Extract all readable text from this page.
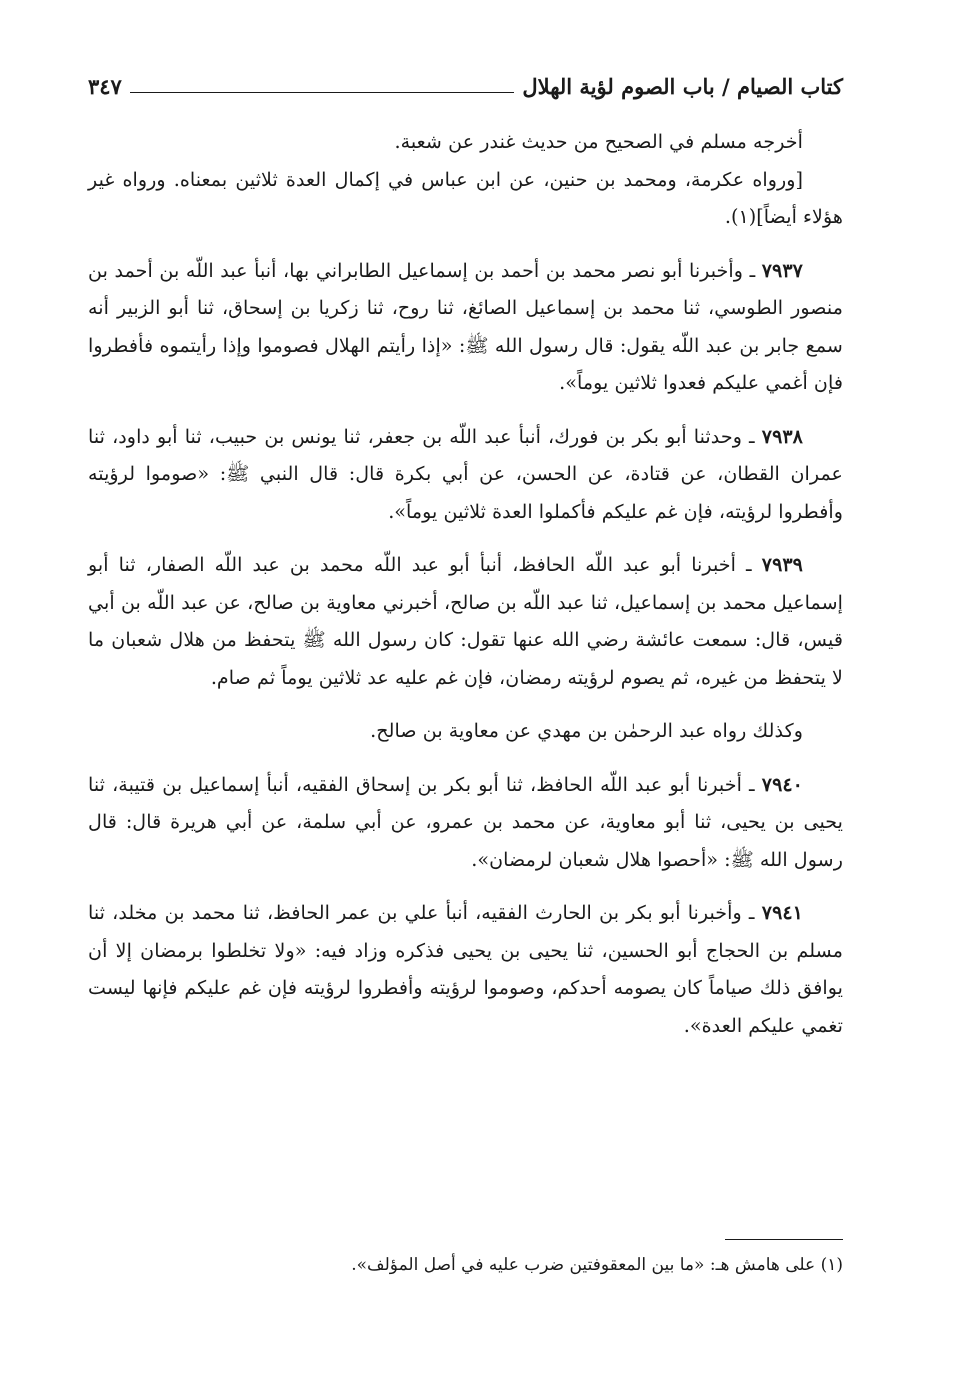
كتاب الصيام / باب الصوم لؤية الهلال
٣٤٧

أخرجه مسلم في الصحيح من حديث غندر عن شعبة.

[ورواه عكرمة، ومحمد بن حنين، عن ابن عباس في إكمال العدة ثلاثين بمعناه. ورواه غير هؤلاء أيضاً](١).

٧٩٣٧ ـ وأخبرنا أبو نصر محمد بن أحمد بن إسماعيل الطابراني بها، أنبأ عبد اللّه بن أحمد بن منصور الطوسي، ثنا محمد بن إسماعيل الصائغ، ثنا روح، ثنا زكريا بن إسحاق، ثنا أبو الزبير أنه سمع جابر بن عبد اللّه يقول: قال رسول الله ﷺ: «إذا رأيتم الهلال فصوموا وإذا رأيتموه فأفطروا فإن أغمي عليكم فعدوا ثلاثين يوماً».

٧٩٣٨ ـ وحدثنا أبو بكر بن فورك، أنبأ عبد اللّه بن جعفر، ثنا يونس بن حبيب، ثنا أبو داود، ثنا عمران القطان، عن قتادة، عن الحسن، عن أبي بكرة قال: قال النبي ﷺ: «صوموا لرؤيته وأفطروا لرؤيته، فإن غم عليكم فأكملوا العدة ثلاثين يوماً».

٧٩٣٩ ـ أخبرنا أبو عبد اللّه الحافظ، أنبأ أبو عبد اللّه محمد بن عبد اللّه الصفار، ثنا أبو إسماعيل محمد بن إسماعيل، ثنا عبد اللّه بن صالح، أخبرني معاوية بن صالح، عن عبد اللّه بن أبي قيس، قال: سمعت عائشة رضي الله عنها تقول: كان رسول الله ﷺ يتحفظ من هلال شعبان ما لا يتحفظ من غيره، ثم يصوم لرؤيته رمضان، فإن غم عليه عد ثلاثين يوماً ثم صام.

وكذلك رواه عبد الرحمٰن بن مهدي عن معاوية بن صالح.

٧٩٤٠ ـ أخبرنا أبو عبد اللّه الحافظ، ثنا أبو بكر بن إسحاق الفقيه، أنبأ إسماعيل بن قتيبة، ثنا يحيى بن يحيى، ثنا أبو معاوية، عن محمد بن عمرو، عن أبي سلمة، عن أبي هريرة قال: قال رسول الله ﷺ: «أحصوا هلال شعبان لرمضان».

٧٩٤١ ـ وأخبرنا أبو بكر بن الحارث الفقيه، أنبأ علي بن عمر الحافظ، ثنا محمد بن مخلد، ثنا مسلم بن الحجاج أبو الحسين، ثنا يحيى بن يحيى فذكره وزاد فيه: «ولا تخلطوا برمضان إلا أن يوافق ذلك صياماً كان يصومه أحدكم، وصوموا لرؤيته وأفطروا لرؤيته فإن غم عليكم فإنها ليست تغمي عليكم العدة».

(١) على هامش هـ: «ما بين المعقوفتين ضرب عليه في أصل المؤلف».
